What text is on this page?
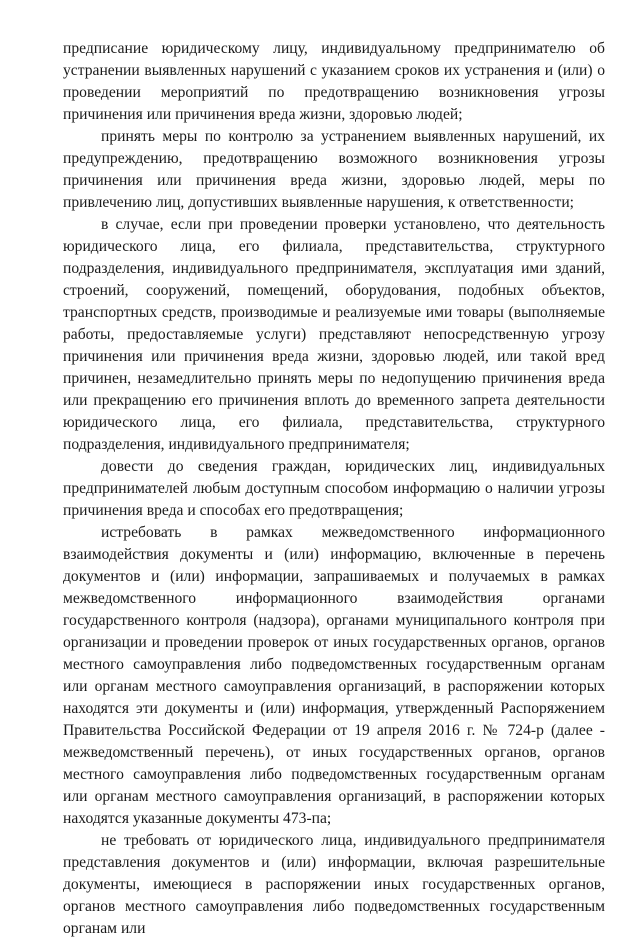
предписание юридическому лицу, индивидуальному предпринимателю об устранении выявленных нарушений с указанием сроков их устранения и (или) о проведении мероприятий по предотвращению возникновения угрозы причинения или причинения вреда жизни, здоровью людей;

принять меры по контролю за устранением выявленных нарушений, их предупреждению, предотвращению возможного возникновения угрозы причинения или причинения вреда жизни, здоровью людей, меры по привлечению лиц, допустивших выявленные нарушения, к ответственности;

в случае, если при проведении проверки установлено, что деятельность юридического лица, его филиала, представительства, структурного подразделения, индивидуального предпринимателя, эксплуатация ими зданий, строений, сооружений, помещений, оборудования, подобных объектов, транспортных средств, производимые и реализуемые ими товары (выполняемые работы, предоставляемые услуги) представляют непосредственную угрозу причинения или причинения вреда жизни, здоровью людей, или такой вред причинен, незамедлительно принять меры по недопущению причинения вреда или прекращению его причинения вплоть до временного запрета деятельности юридического лица, его филиала, представительства, структурного подразделения, индивидуального предпринимателя;

довести до сведения граждан, юридических лиц, индивидуальных предпринимателей любым доступным способом информацию о наличии угрозы причинения вреда и способах его предотвращения;

истребовать в рамках межведомственного информационного взаимодействия документы и (или) информацию, включенные в перечень документов и (или) информации, запрашиваемых и получаемых в рамках межведомственного информационного взаимодействия органами государственного контроля (надзора), органами муниципального контроля при организации и проведении проверок от иных государственных органов, органов местного самоуправления либо подведомственных государственным органам или органам местного самоуправления организаций, в распоряжении которых находятся эти документы и (или) информация, утвержденный Распоряжением Правительства Российской Федерации от 19 апреля 2016 г. № 724-р (далее - межведомственный перечень), от иных государственных органов, органов местного самоуправления либо подведомственных государственным органам или органам местного самоуправления организаций, в распоряжении которых находятся указанные документы 473-па;

не требовать от юридического лица, индивидуального предпринимателя представления документов и (или) информации, включая разрешительные документы, имеющиеся в распоряжении иных государственных органов, органов местного самоуправления либо подведомственных государственным органам или
